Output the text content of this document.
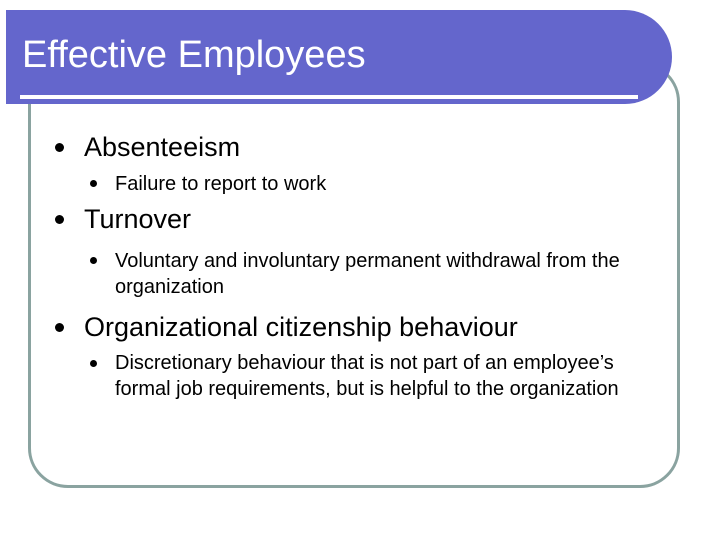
Effective Employees
Absenteeism
Failure to report to work
Turnover
Voluntary and involuntary permanent withdrawal from the organization
Organizational citizenship behaviour
Discretionary behaviour that is not part of an employee’s formal job requirements, but is helpful to the organization
